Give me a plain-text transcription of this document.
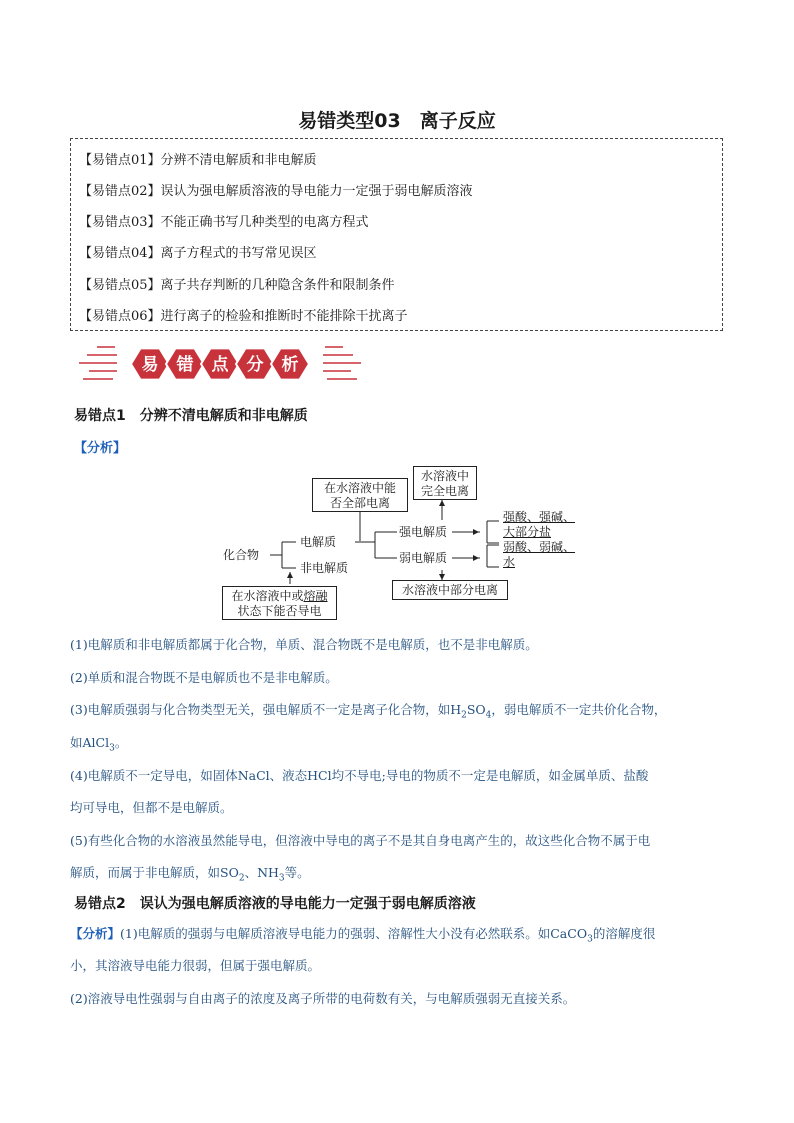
易错类型03　离子反应
【易错点01】分辨不清电解质和非电解质
【易错点02】误认为强电解质溶液的导电能力一定强于弱电解质溶液
【易错点03】不能正确书写几种类型的电离方程式
【易错点04】离子方程式的书写常见误区
【易错点05】离子共存判断的几种隐含条件和限制条件
【易错点06】进行离子的检验和推断时不能排除干扰离子
易 错 点 分 析
易错点1　分辨不清电解质和非电解质
【分析】
在水溶液中能
否全部电离
水溶液中
完全电离
在水溶液中或熔融
状态下能否导电
水溶液中部分电离
化合物
电解质
非电解质
强电解质
弱电解质
强酸、强碱、
大部分盐
弱酸、弱碱、
水
(1)电解质和非电解质都属于化合物，单质、混合物既不是电解质，也不是非电解质。
(2)单质和混合物既不是电解质也不是非电解质。
(3)电解质强弱与化合物类型无关，强电解质不一定是离子化合物，如$H_2SO_4$，弱电解质不一定共价化合物，
如AlCl$_3$。
(4)电解质不一定导电，如固体NaCl、液态HCl均不导电;导电的物质不一定是电解质，如金属单质、盐酸
均可导电，但都不是电解质。
(5)有些化合物的水溶液虽然能导电，但溶液中导电的离子不是其自身电离产生的，故这些化合物不属于电
解质，而属于非电解质，如$SO_2$、$NH_3$等。
易错点2　误认为强电解质溶液的导电能力一定强于弱电解质溶液
【分析】(1)电解质的强弱与电解质溶液导电能力的强弱、溶解性大小没有必然联系。如CaCO$_3$的溶解度很
小，其溶液导电能力很弱，但属于强电解质。
(2)溶液导电性强弱与自由离子的浓度及离子所带的电荷数有关，与电解质强弱无直接关系。
